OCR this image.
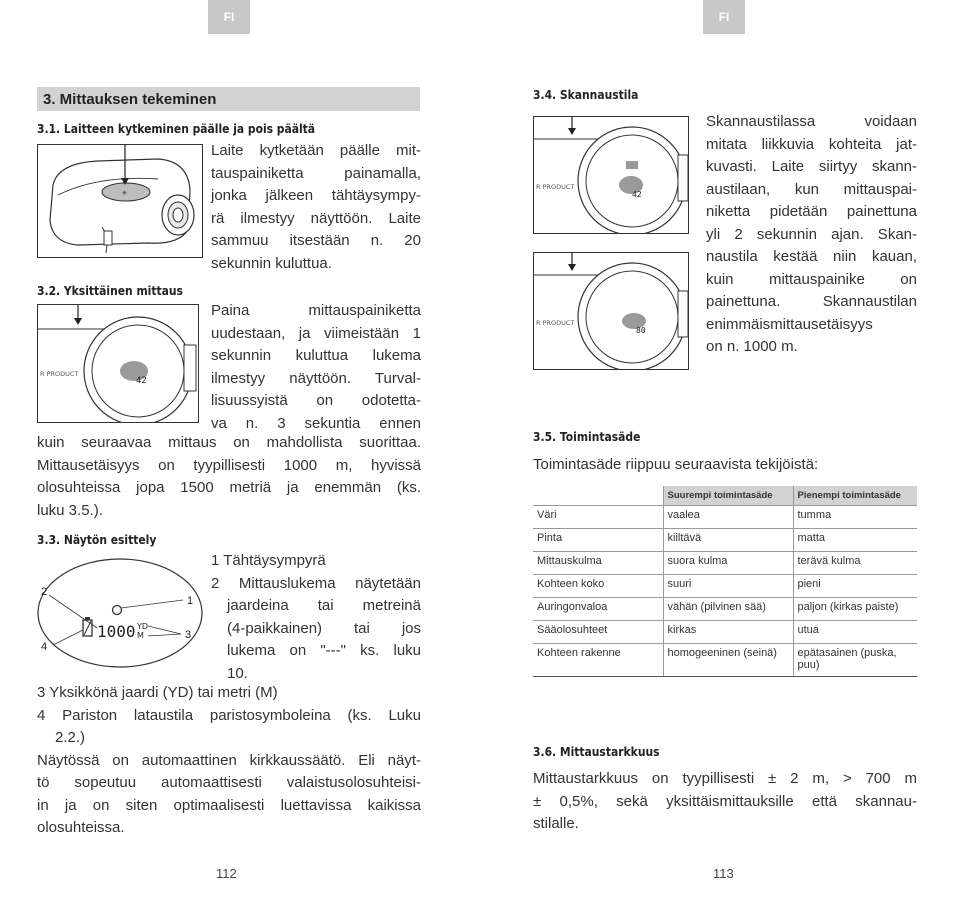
FI
3. Mittauksen tekeminen
3.1. Laitteen kytkeminen päälle ja pois päältä
⌖
Laite kytketään päälle mit-
tauspainiketta painamalla,
jonka jälkeen tähtäysympy-
rä ilmestyy näyttöön. Laite
sammuu itsestään n. 20
sekunnin kuluttua.
3.2. Yksittäinen mittaus
42
R PRODUCT
Paina mittauspainiketta
uudestaan, ja viimeistään 1
sekunnin kuluttua lukema
ilmestyy näyttöön. Turval-
lisuussyistä on odotetta-
va n. 3 sekuntia ennen
kuin seuraavaa mittaus on mahdollista suorittaa.
Mittausetäisyys on tyypillisesti 1000 m, hyvissä
olosuhteissa jopa 1500 metriä ja enemmän (ks.
luku 3.5.).
3.3. Näytön esittely
1000 YD
M
1
2
3
4
1 Tähtäysympyrä
2 Mittauslukema näytetään
jaardeina tai metreinä
(4-paikkainen) tai jos
lukema on "---" ks. luku
10.
3 Yksikkönä jaardi (YD) tai metri (M)
4 Pariston lataustila paristosymboleina (ks. Luku
2.2.)
Näytössä on automaattinen kirkkaussäätö. Eli näyt-
tö sopeutuu automaattisesti valaistusolosuhteisi-
in ja on siten optimaalisesti luettavissa kaikissa
olosuhteissa.
112
FI
3.4. Skannaustila
42
R PRODUCT
80
R PRODUCT
Skannaustilassa voidaan
mitata liikkuvia kohteita jat-
kuvasti. Laite siirtyy skann-
austilaan, kun mittauspai-
niketta pidetään painettuna
yli 2 sekunnin ajan. Skan-
naustila kestää niin kauan,
kuin mittauspainike on
painettuna. Skannaustilan
enimmäismittausetäisyys
on n. 1000 m.
3.5. Toimintasäde
Toimintasäde riippuu seuraavista tekijöistä:
	Suurempi toimintasäde	Pienempi toimintasäde
Väri	vaalea	tumma
Pinta	kiiltävä	matta
Mittauskulma	suora kulma	terävä kulma
Kohteen koko	suuri	pieni
Auringonvaloa	vähän (pilvinen sää)	paljon (kirkas paiste)
Sääolosuhteet	kirkas	utua
Kohteen rakenne	homogeeninen (seinä)	epätasainen (puska, puu)
3.6. Mittaustarkkuus
Mittaustarkkuus on tyypillisesti ± 2 m, > 700 m
± 0,5%, sekä yksittäismittauksille että skannau-
stilalle.
113
